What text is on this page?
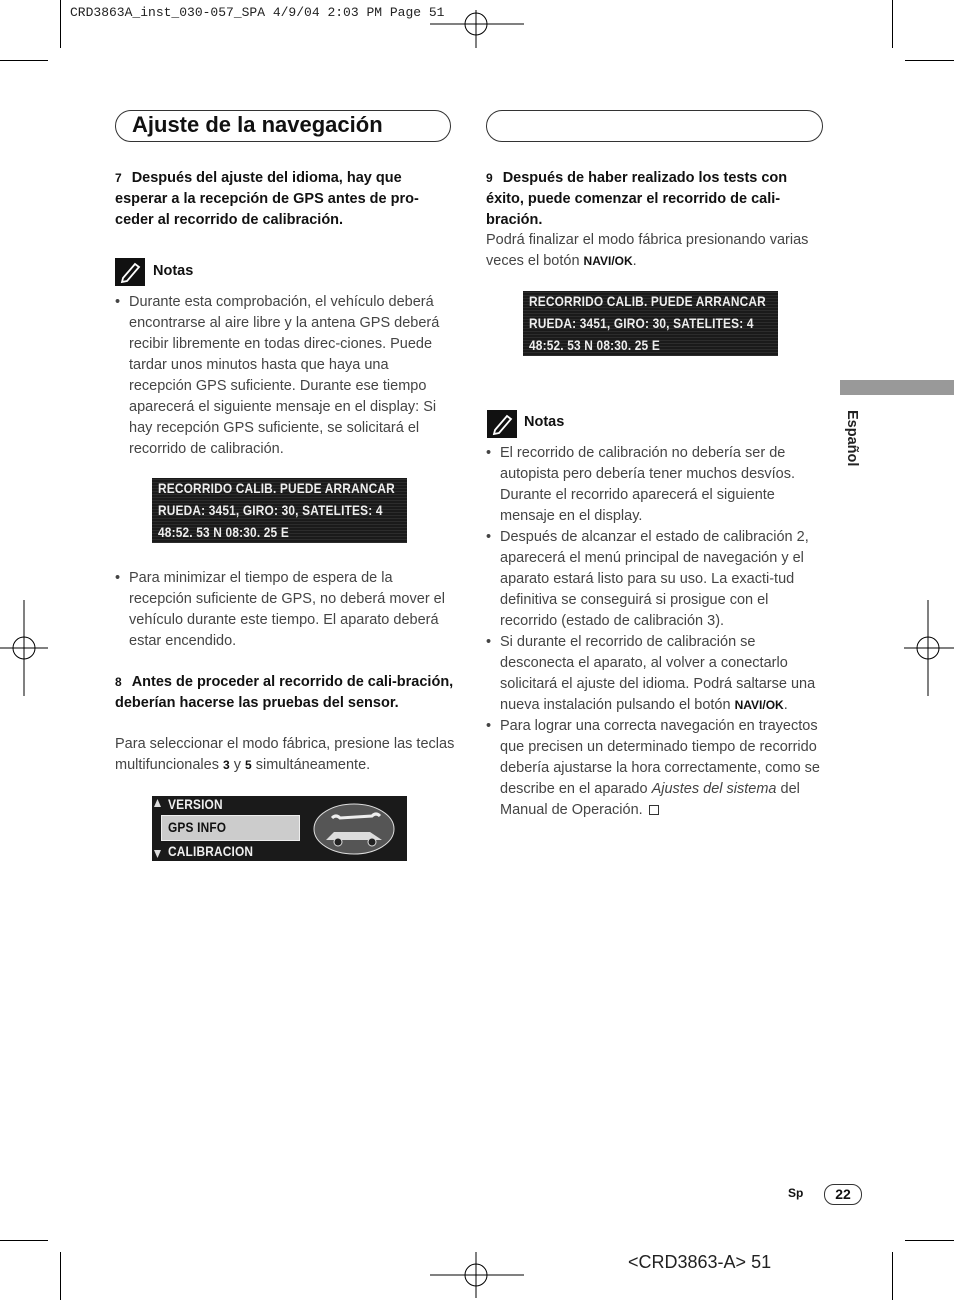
CRD3863A_inst_030-057_SPA 4/9/04 2:03 PM Page 51
Ajuste de la navegación
7 Después del ajuste del idioma, hay que esperar a la recepción de GPS antes de pro-ceder al recorrido de calibración.
Notas
• Durante esta comprobación, el vehículo deberá encontrarse al aire libre y la antena GPS deberá recibir libremente en todas direc-ciones. Puede tardar unos minutos hasta que haya una recepción GPS suficiente. Durante ese tiempo aparecerá el siguiente mensaje en el display: Si hay recepción GPS suficiente, se solicitará el recorrido de calibración.
RECORRIDO CALIB. PUEDE ARRANCAR
RUEDA: 3451, GIRO: 30, SATELITES: 4
48:52. 53 N 08:30. 25 E
• Para minimizar el tiempo de espera de la recepción suficiente de GPS, no deberá mover el vehículo durante este tiempo. El aparato deberá estar encendido.
8 Antes de proceder al recorrido de cali-bración, deberían hacerse las pruebas del sensor.
Para seleccionar el modo fábrica, presione las teclas multifuncionales 3 y 5 simultáneamente.
VERSION
GPS INFO
CALIBRACION
9 Después de haber realizado los tests con éxito, puede comenzar el recorrido de cali-bración.
Podrá finalizar el modo fábrica presionando varias veces el botón NAVI/OK.
RECORRIDO CALIB. PUEDE ARRANCAR
RUEDA: 3451, GIRO: 30, SATELITES: 4
48:52. 53 N 08:30. 25 E
Notas
• El recorrido de calibración no debería ser de autopista pero debería tener muchos desvíos. Durante el recorrido aparecerá el siguiente mensaje en el display.
• Después de alcanzar el estado de calibración 2, aparecerá el menú principal de navegación y el aparato estará listo para su uso. La exacti-tud definitiva se conseguirá si prosigue con el recorrido (estado de calibración 3).
• Si durante el recorrido de calibración se desconecta el aparato, al volver a conectarlo solicitará el ajuste del idioma. Podrá saltarse una nueva instalación pulsando el botón NAVI/OK.
• Para lograr una correcta navegación en trayectos que precisen un determinado tiempo de recorrido debería ajustarse la hora correctamente, como se describe en el aparado Ajustes del sistema del Manual de Operación.
Español
Sp	22
<CRD3863-A> 51
